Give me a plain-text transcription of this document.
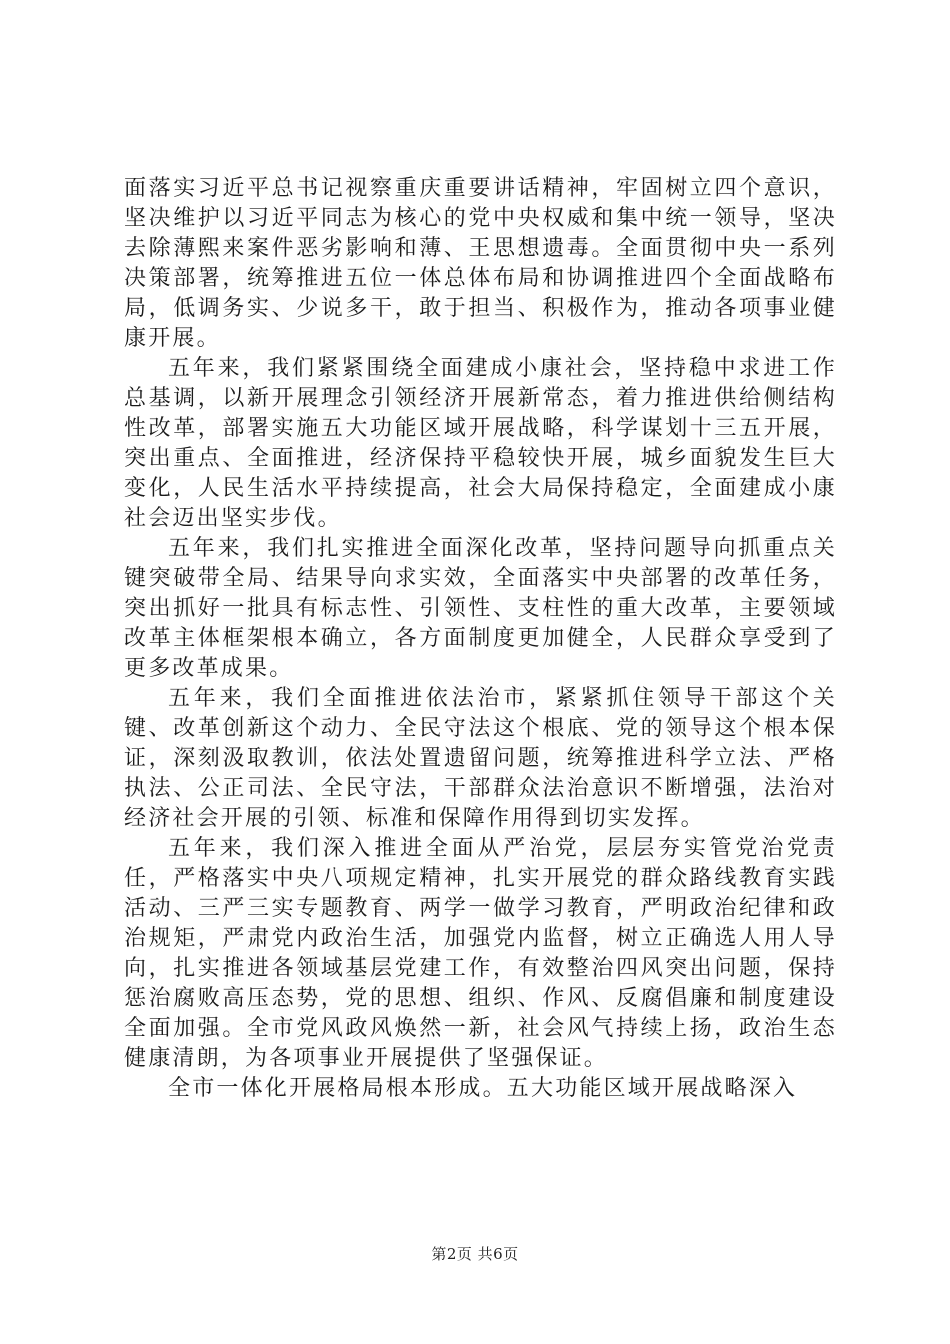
面落实习近平总书记视察重庆重要讲话精神，牢固树立四个意识，坚决维护以习近平同志为核心的党中央权威和集中统一领导，坚决去除薄熙来案件恶劣影响和薄、王思想遗毒。全面贯彻中央一系列决策部署，统筹推进五位一体总体布局和协调推进四个全面战略布局，低调务实、少说多干，敢于担当、积极作为，推动各项事业健康开展。

五年来，我们紧紧围绕全面建成小康社会，坚持稳中求进工作总基调，以新开展理念引领经济开展新常态，着力推进供给侧结构性改革，部署实施五大功能区域开展战略，科学谋划十三五开展，突出重点、全面推进，经济保持平稳较快开展，城乡面貌发生巨大变化，人民生活水平持续提高，社会大局保持稳定，全面建成小康社会迈出坚实步伐。

五年来，我们扎实推进全面深化改革，坚持问题导向抓重点关键突破带全局、结果导向求实效，全面落实中央部署的改革任务，突出抓好一批具有标志性、引领性、支柱性的重大改革，主要领域改革主体框架根本确立，各方面制度更加健全，人民群众享受到了更多改革成果。

五年来，我们全面推进依法治市，紧紧抓住领导干部这个关键、改革创新这个动力、全民守法这个根底、党的领导这个根本保证，深刻汲取教训，依法处置遗留问题，统筹推进科学立法、严格执法、公正司法、全民守法，干部群众法治意识不断增强，法治对经济社会开展的引领、标准和保障作用得到切实发挥。

五年来，我们深入推进全面从严治党，层层夯实管党治党责任，严格落实中央八项规定精神，扎实开展党的群众路线教育实践活动、三严三实专题教育、两学一做学习教育，严明政治纪律和政治规矩，严肃党内政治生活，加强党内监督，树立正确选人用人导向，扎实推进各领域基层党建工作，有效整治四风突出问题，保持惩治腐败高压态势，党的思想、组织、作风、反腐倡廉和制度建设全面加强。全市党风政风焕然一新，社会风气持续上扬，政治生态健康清朗，为各项事业开展提供了坚强保证。

全市一体化开展格局根本形成。五大功能区域开展战略深入

第2页 共6页
